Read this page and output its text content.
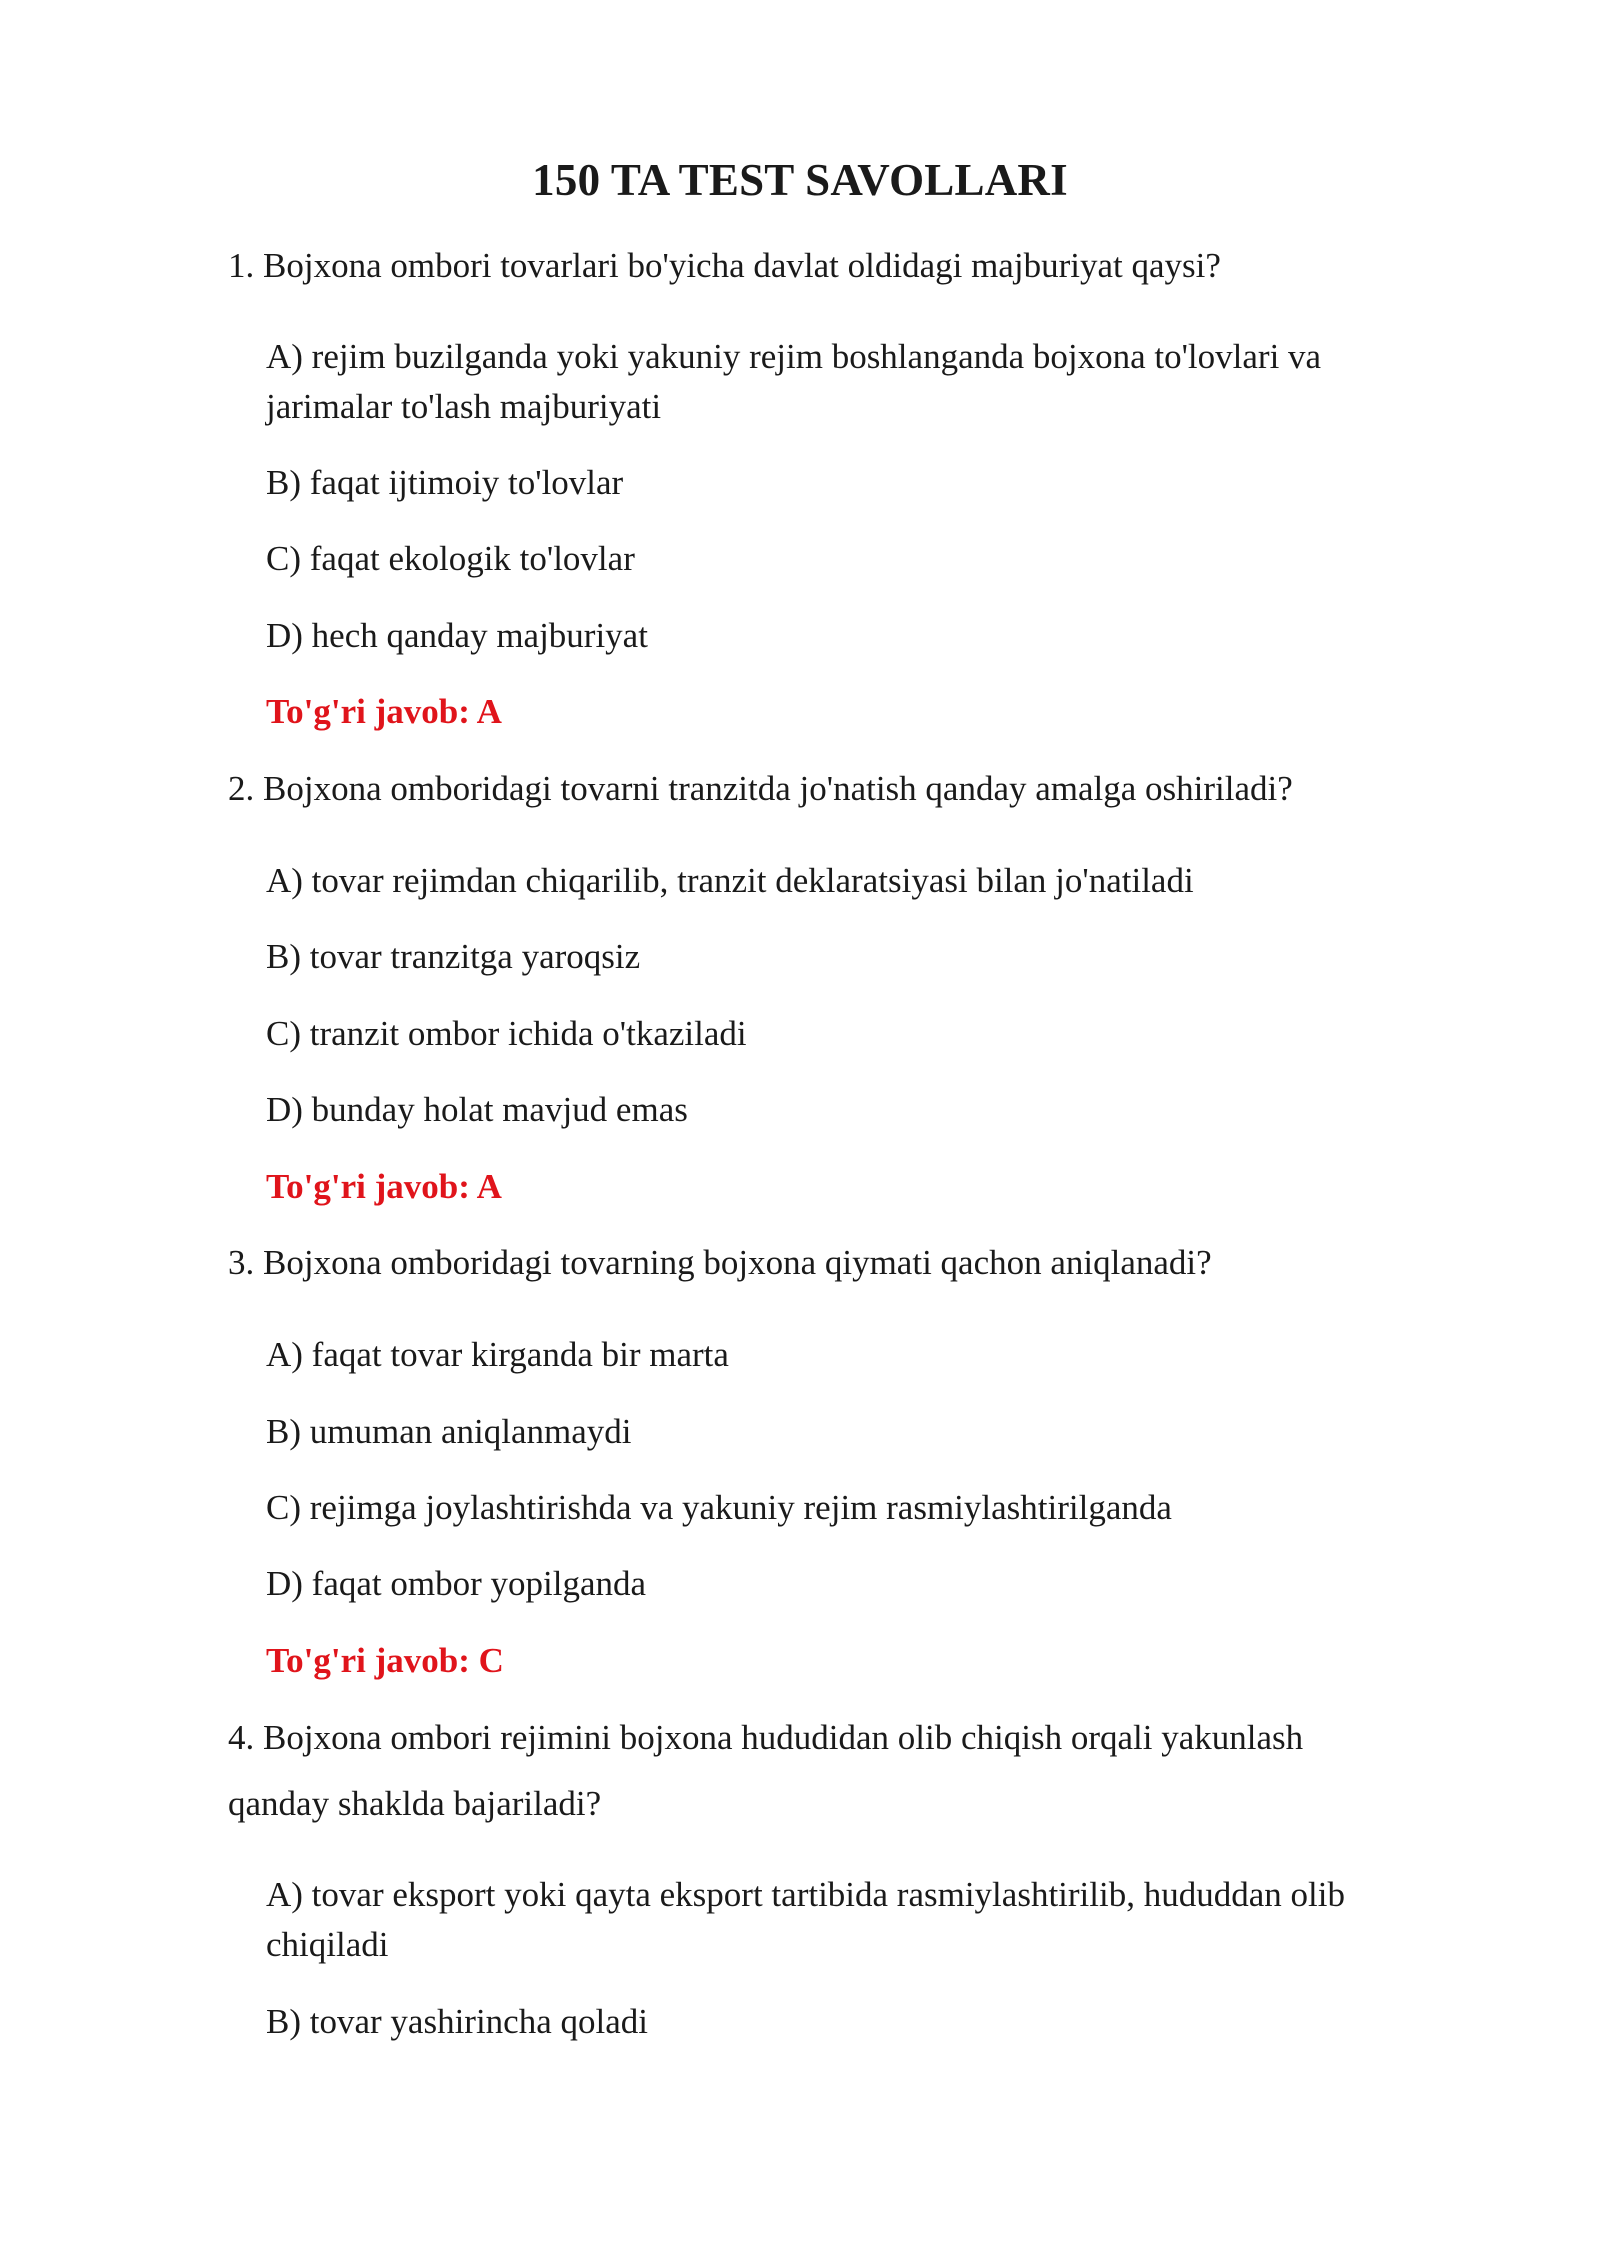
150 TA TEST SAVOLLARI
1. Bojxona ombori tovarlari bo'yicha davlat oldidagi majburiyat qaysi?
A) rejim buzilganda yoki yakuniy rejim boshlanganda bojxona to'lovlari va
jarimalar to'lash majburiyati
B) faqat ijtimoiy to'lovlar
C) faqat ekologik to'lovlar
D) hech qanday majburiyat
To'g'ri javob: A
2. Bojxona omboridagi tovarni tranzitda jo'natish qanday amalga oshiriladi?
A) tovar rejimdan chiqarilib, tranzit deklaratsiyasi bilan jo'natiladi
B) tovar tranzitga yaroqsiz
C) tranzit ombor ichida o'tkaziladi
D) bunday holat mavjud emas
To'g'ri javob: A
3. Bojxona omboridagi tovarning bojxona qiymati qachon aniqlanadi?
A) faqat tovar kirganda bir marta
B) umuman aniqlanmaydi
C) rejimga joylashtirishda va yakuniy rejim rasmiylashtirilganda
D) faqat ombor yopilganda
To'g'ri javob: C
4. Bojxona ombori rejimini bojxona hududidan olib chiqish orqali yakunlash
qanday shaklda bajariladi?
A) tovar eksport yoki qayta eksport tartibida rasmiylashtirilib, hududdan olib
chiqiladi
B) tovar yashirincha qoladi
